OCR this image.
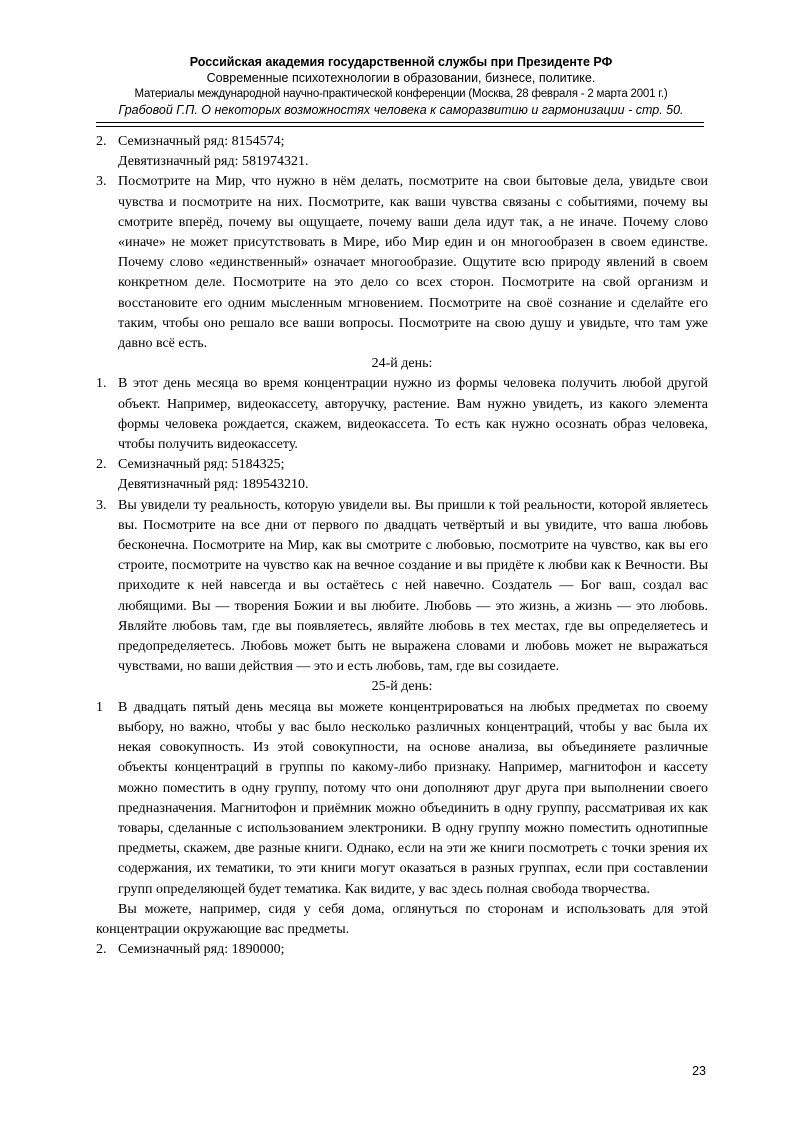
Российская академия государственной службы при Президенте РФ
Современные психотехнологии в образовании, бизнесе, политике.
Материалы международной научно-практической конференции (Москва, 28 февраля - 2 марта 2001 г.)
Грабовой Г.П. О некоторых возможностях человека к саморазвитию и гармонизации - стр. 50.
2. Семизначный ряд: 8154574;

Девятизначный ряд: 581974321.

3. Посмотрите на Мир, что нужно в нём делать, посмотрите на свои бытовые дела, увидьте свои чувства и посмотрите на них. Посмотрите, как ваши чувства связаны с событиями, почему вы смотрите вперёд, почему вы ощущаете, почему ваши дела идут так, а не иначе. Почему слово «иначе» не может присутствовать в Мире, ибо Мир един и он многообразен в своем единстве. Почему слово «единственный» означает многообразие. Ощутите всю природу явлений в своем конкретном деле. Посмотрите на это дело со всех сторон. Посмотрите на свой организм и восстановите его одним мысленным мгновением. Посмотрите на своё сознание и сделайте его таким, чтобы оно решало все ваши вопросы. Посмотрите на свою душу и увидьте, что там уже давно всё есть.

24-й день:
1. В этот день месяца во время концентрации нужно из формы человека получить любой другой объект. Например, видеокассету, авторучку, растение. Вам нужно увидеть, из какого элемента формы человека рождается, скажем, видеокассета. То есть как нужно осознать образ человека, чтобы получить видеокассету.

2. Семизначный ряд: 5184325;

Девятизначный ряд: 189543210.

3. Вы увидели ту реальность, которую увидели вы. Вы пришли к той реальности, которой являетесь вы. Посмотрите на все дни от первого по двадцать четвёртый и вы увидите, что ваша любовь бесконечна. Посмотрите на Мир, как вы смотрите с любовью, посмотрите на чувство, как вы его строите, посмотрите на чувство как на вечное создание и вы придёте к любви как к Вечности. Вы приходите к ней навсегда и вы остаётесь с ней навечно. Создатель — Бог ваш, создал вас любящими. Вы — творения Божии и вы любите. Любовь — это жизнь, а жизнь — это любовь. Являйте любовь там, где вы появляетесь, являйте любовь в тех местах, где вы определяетесь и предопределяетесь. Любовь может быть не выражена словами и любовь может не выражаться чувствами, но ваши действия — это и есть любовь, там, где вы созидаете.

25-й день:
1 В двадцать пятый день месяца вы можете концентрироваться на любых предметах по своему выбору, но важно, чтобы у вас было несколько различных концентраций, чтобы у вас была их некая совокупность. Из этой совокупности, на основе анализа, вы объединяете различные объекты концентраций в группы по какому-либо признаку. Например, магнитофон и кассету можно поместить в одну группу, потому что они дополняют друг друга при выполнении своего предназначения. Магнитофон и приёмник можно объединить в одну группу, рассматривая их как товары, сделанные с использованием электроники. В одну группу можно поместить однотипные предметы, скажем, две разные книги. Однако, если на эти же книги посмотреть с точки зрения их содержания, их тематики, то эти книги могут оказаться в разных группах, если при составлении групп определяющей будет тематика. Как видите, у вас здесь полная свобода творчества.

Вы можете, например, сидя у себя дома, оглянуться по сторонам и использовать для этой концентрации окружающие вас предметы.

2. Семизначный ряд: 1890000;

23
